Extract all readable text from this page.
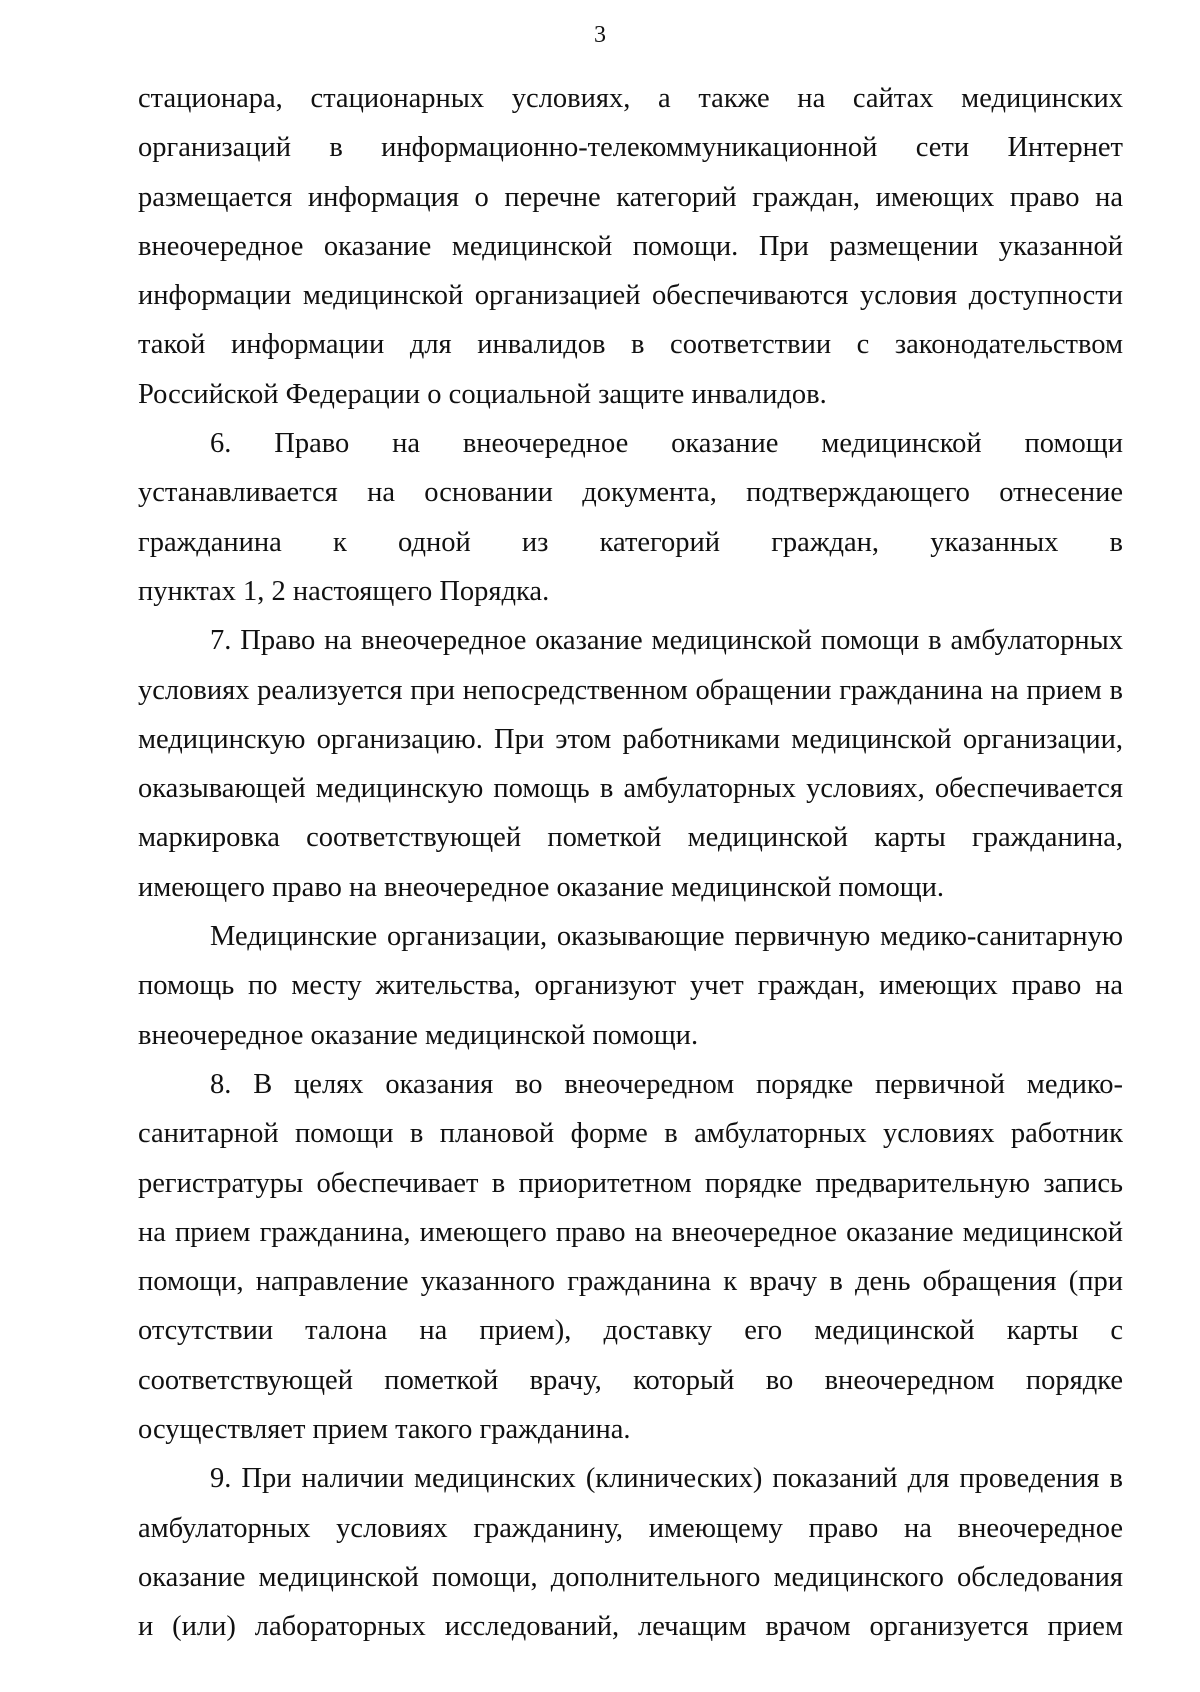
3
стационара, стационарных условиях, а также на сайтах медицинских
организаций в информационно-телекоммуникационной сети Интернет
размещается информация о перечне категорий граждан, имеющих право на
внеочередное оказание медицинской помощи. При размещении указанной
информации медицинской организацией обеспечиваются условия доступности
такой информации для инвалидов в соответствии с законодательством
Российской Федерации о социальной защите инвалидов.
6. Право на внеочередное оказание медицинской помощи
устанавливается на основании документа, подтверждающего отнесение
гражданина к одной из категорий граждан, указанных в
пунктах 1, 2 настоящего Порядка.
7. Право на внеочередное оказание медицинской помощи в амбулаторных
условиях реализуется при непосредственном обращении гражданина на прием в
медицинскую организацию. При этом работниками медицинской организации,
оказывающей медицинскую помощь в амбулаторных условиях, обеспечивается
маркировка соответствующей пометкой медицинской карты гражданина,
имеющего право на внеочередное оказание медицинской помощи.
Медицинские организации, оказывающие первичную медико-санитарную
помощь по месту жительства, организуют учет граждан, имеющих право на
внеочередное оказание медицинской помощи.
8. В целях оказания во внеочередном порядке первичной медико-
санитарной помощи в плановой форме в амбулаторных условиях работник
регистратуры обеспечивает в приоритетном порядке предварительную запись
на прием гражданина, имеющего право на внеочередное оказание медицинской
помощи, направление указанного гражданина к врачу в день обращения (при
отсутствии талона на прием), доставку его медицинской карты с
соответствующей пометкой врачу, который во внеочередном порядке
осуществляет прием такого гражданина.
9. При наличии медицинских (клинических) показаний для проведения в
амбулаторных условиях гражданину, имеющему право на внеочередное
оказание медицинской помощи, дополнительного медицинского обследования
и (или) лабораторных исследований, лечащим врачом организуется прием
